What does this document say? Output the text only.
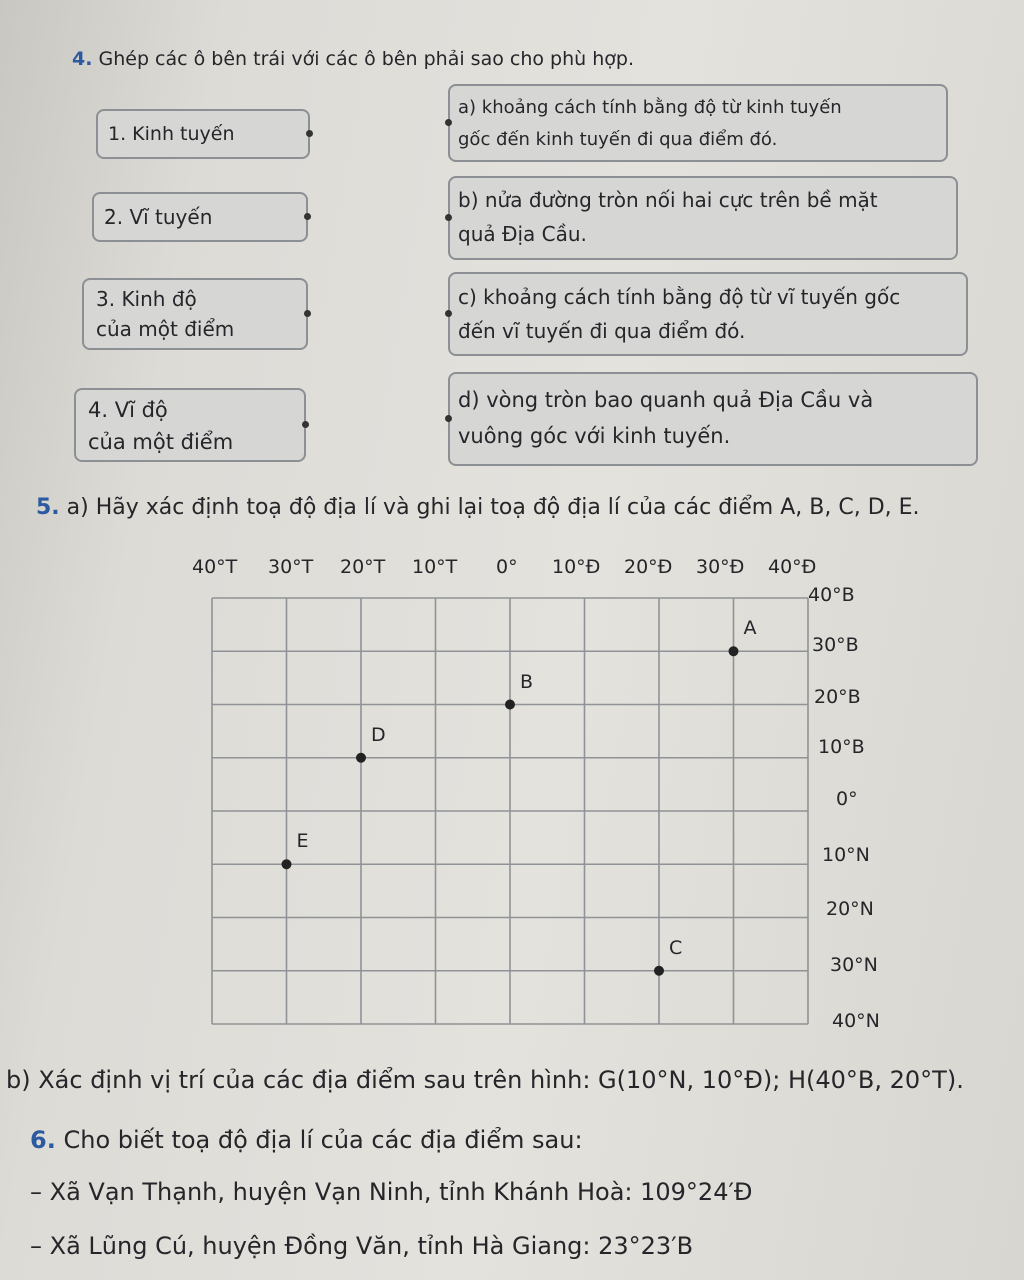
4. Ghép các ô bên trái với các ô bên phải sao cho phù hợp.
1. Kinh tuyến
a) khoảng cách tính bằng độ từ kinh tuyến
gốc đến kinh tuyến đi qua điểm đó.
2. Vĩ tuyến
b) nửa đường tròn nối hai cực trên bề mặt
quả Địa Cầu.
3. Kinh độ
của một điểm
c) khoảng cách tính bằng độ từ vĩ tuyến gốc
đến vĩ tuyến đi qua điểm đó.
4. Vĩ độ
của một điểm
d) vòng tròn bao quanh quả Địa Cầu và
vuông góc với kinh tuyến.
5. a) Hãy xác định toạ độ địa lí và ghi lại toạ độ địa lí của các điểm A, B, C, D, E.
40°T 30°T 20°T 10°T 0° 10°Đ 20°Đ 30°Đ 40°Đ
40°B
30°B
20°B
10°B
0°
10°N
20°N
30°N
40°N
A
B
D
E
C
b) Xác định vị trí của các địa điểm sau trên hình: G(10°N, 10°Đ); H(40°B, 20°T).
6. Cho biết toạ độ địa lí của các địa điểm sau:
– Xã Vạn Thạnh, huyện Vạn Ninh, tỉnh Khánh Hoà: 109°24′Đ
– Xã Lũng Cú, huyện Đồng Văn, tỉnh Hà Giang: 23°23′B
